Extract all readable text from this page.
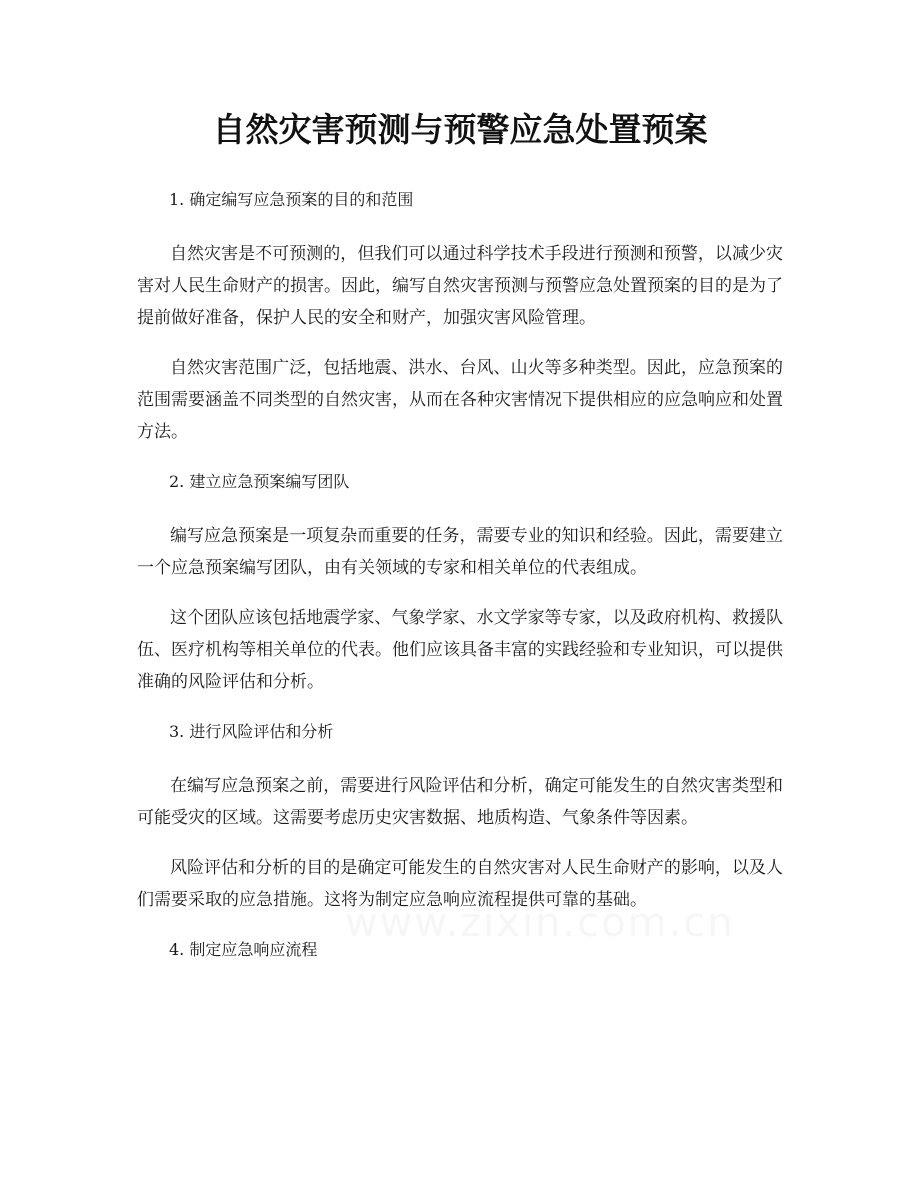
自然灾害预测与预警应急处置预案
1. 确定编写应急预案的目的和范围

自然灾害是不可预测的，但我们可以通过科学技术手段进行预测和预警，以减少灾害对人民生命财产的损害。因此，编写自然灾害预测与预警应急处置预案的目的是为了提前做好准备，保护人民的安全和财产，加强灾害风险管理。

自然灾害范围广泛，包括地震、洪水、台风、山火等多种类型。因此，应急预案的范围需要涵盖不同类型的自然灾害，从而在各种灾害情况下提供相应的应急响应和处置方法。

2. 建立应急预案编写团队

编写应急预案是一项复杂而重要的任务，需要专业的知识和经验。因此，需要建立一个应急预案编写团队，由有关领域的专家和相关单位的代表组成。

这个团队应该包括地震学家、气象学家、水文学家等专家，以及政府机构、救援队伍、医疗机构等相关单位的代表。他们应该具备丰富的实践经验和专业知识，可以提供准确的风险评估和分析。

3. 进行风险评估和分析

在编写应急预案之前，需要进行风险评估和分析，确定可能发生的自然灾害类型和可能受灾的区域。这需要考虑历史灾害数据、地质构造、气象条件等因素。

风险评估和分析的目的是确定可能发生的自然灾害对人民生命财产的影响，以及人们需要采取的应急措施。这将为制定应急响应流程提供可靠的基础。

4. 制定应急响应流程
www.zixin.com.cn
